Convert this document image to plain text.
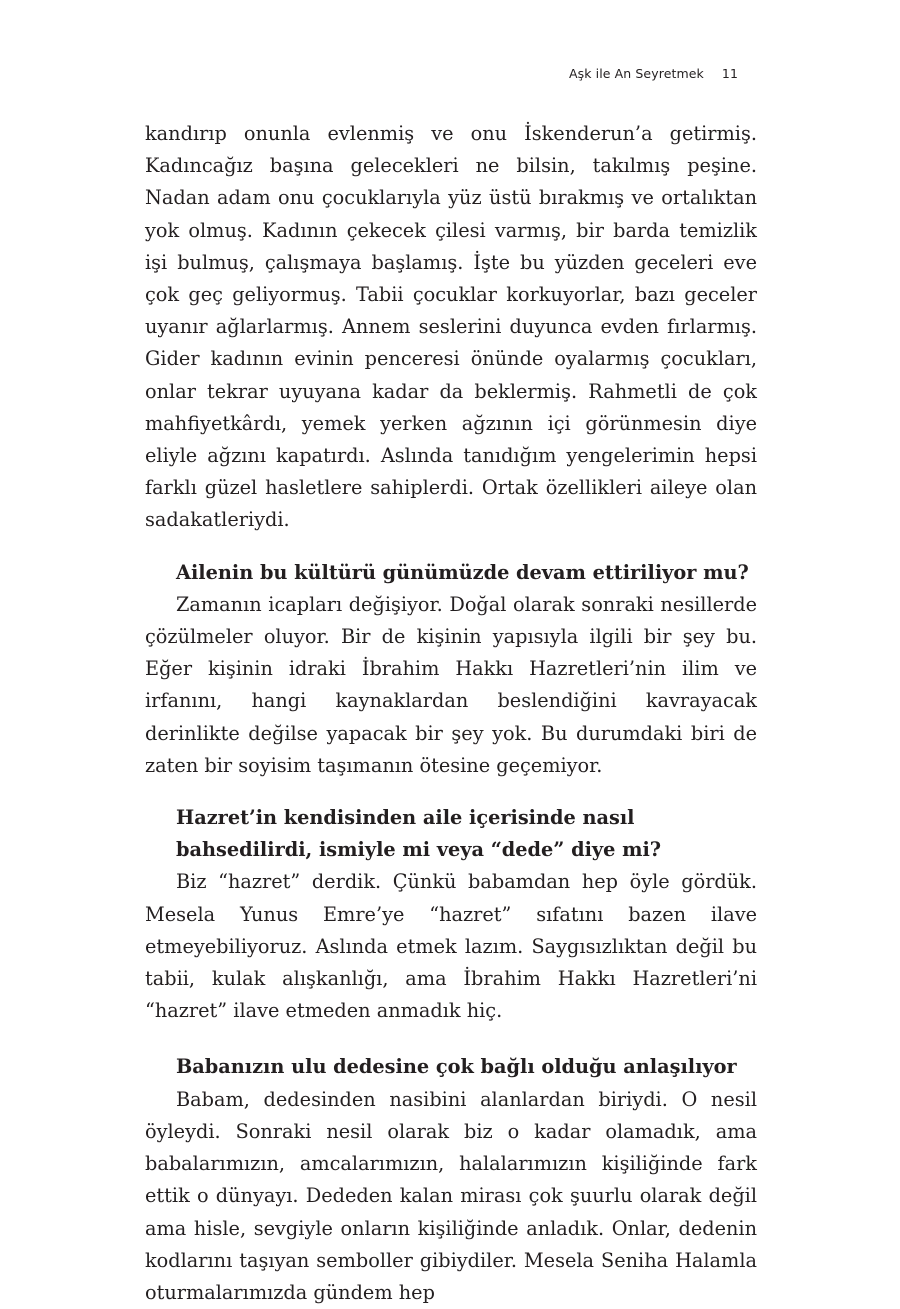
Aşk ile An Seyretmek 11

kandırıp onunla evlenmiş ve onu İskenderun’a getirmiş. Kadıncağız başına gelecekleri ne bilsin, takılmış peşine. Nadan adam onu çocuklarıyla yüz üstü bırakmış ve ortalıktan yok olmuş. Kadının çekecek çilesi varmış, bir barda temizlik işi bulmuş, çalışmaya başlamış. İşte bu yüzden geceleri eve çok geç geliyormuş. Tabii çocuklar korkuyorlar, bazı geceler uyanır ağlarlarmış. Annem seslerini duyunca evden fırlarmış. Gider kadının evinin penceresi önünde oyalarmış çocukları, onlar tekrar uyuyana kadar da beklermiş. Rahmetli de çok mahfiyetkârdı, yemek yerken ağzının içi görünmesin diye eliyle ağzını kapatırdı. Aslında tanıdığım yengelerimin hepsi farklı güzel hasletlere sahiplerdi. Ortak özellikleri aileye olan sadakatleriydi.

Ailenin bu kültürü günümüzde devam ettiriliyor mu?

Zamanın icapları değişiyor. Doğal olarak sonraki nesillerde çözülmeler oluyor. Bir de kişinin yapısıyla ilgili bir şey bu. Eğer kişinin idraki İbrahim Hakkı Hazretleri’nin ilim ve irfanını, hangi kaynaklardan beslendiğini kavrayacak derinlikte değilse yapacak bir şey yok. Bu durumdaki biri de zaten bir soyisim taşımanın ötesine geçemiyor.

Hazret’in kendisinden aile içerisinde nasıl bahsedilirdi, ismiyle mi veya “dede” diye mi?

Biz “hazret” derdik. Çünkü babamdan hep öyle gördük. Mesela Yunus Emre’ye “hazret” sıfatını bazen ilave etmeyebiliyoruz. Aslında etmek lazım. Saygısızlıktan değil bu tabii, kulak alışkanlığı, ama İbrahim Hakkı Hazretleri’ni “hazret” ilave etmeden anmadık hiç.

Babanızın ulu dedesine çok bağlı olduğu anlaşılıyor

Babam, dedesinden nasibini alanlardan biriydi. O nesil öyleydi. Sonraki nesil olarak biz o kadar olamadık, ama babalarımızın, amcalarımızın, halalarımızın kişiliğinde fark ettik o dünyayı. Dededen kalan mirası çok şuurlu olarak değil ama hisle, sevgiyle onların kişiliğinde anladık. Onlar, dedenin kodlarını taşıyan semboller gibiydiler. Mesela Seniha Halamla oturmalarımızda gündem hep
